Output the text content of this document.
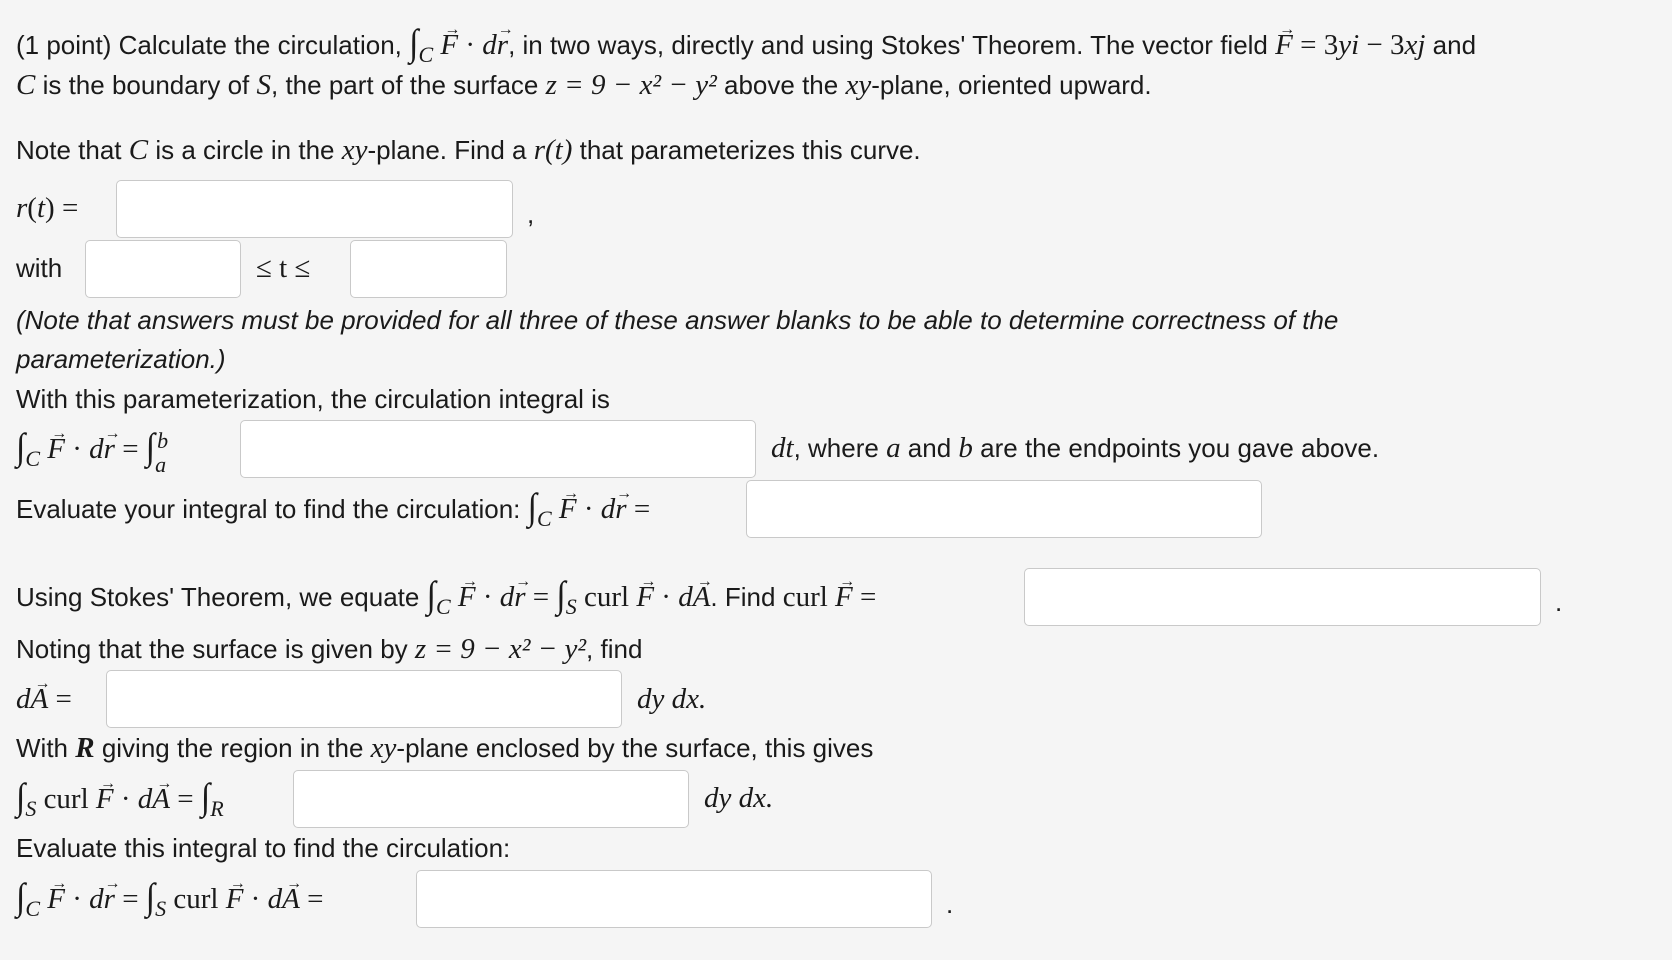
(1 point) Calculate the circulation, $\int_C$ F → · dr →, in two ways, directly and using Stokes' Theorem. The vector field F → = 3yi − 3xj and
C is the boundary of S, the part of the surface z = 9 − x² − y² above the xy-plane, oriented upward.
Note that C is a circle in the xy-plane. Find a r(t) that parameterizes this curve.
r(t) =	,
with	≤ t ≤
(Note that answers must be provided for all three of these answer blanks to be able to determine correctness of the
parameterization.)
With this parameterization, the circulation integral is
$\int_C$ F → · dr → = ∫ b
a
dt, where a and b are the endpoints you gave above.
Evaluate your integral to find the circulation: $\int_C$ F → · dr → =
Using Stokes' Theorem, we equate $\int_C$ F → · dr → = $\int_S$ curl F → · dA →. Find curl F → =	.
Noting that the surface is given by z = 9 − x² − y², find
dA → =	dy dx.
With R giving the region in the xy-plane enclosed by the surface, this gives
$\int_S$ curl F → · dA → = $\int_R$	dy dx.
Evaluate this integral to find the circulation:
$\int_C$ F → · dr → = $\int_S$ curl F → · dA → =	.
